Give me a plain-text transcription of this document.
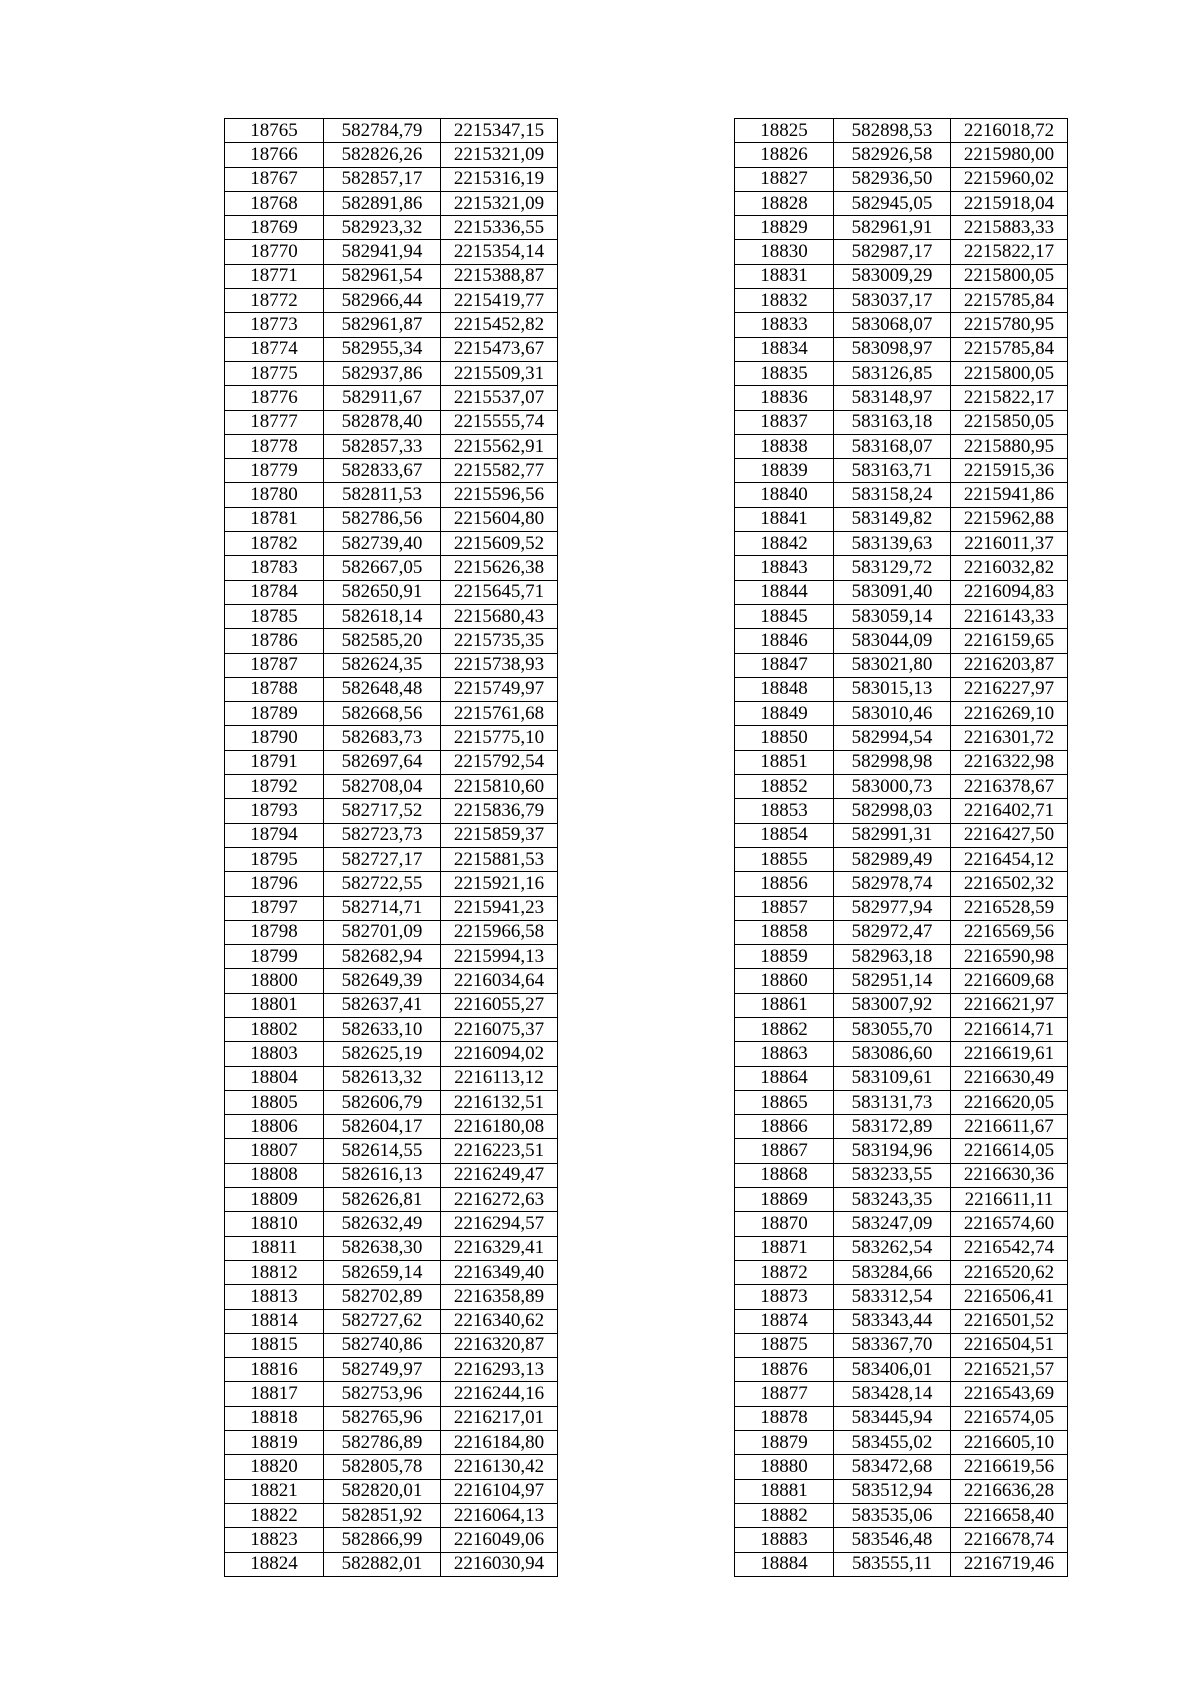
18765	582784,79	2215347,15
18766	582826,26	2215321,09
18767	582857,17	2215316,19
18768	582891,86	2215321,09
18769	582923,32	2215336,55
18770	582941,94	2215354,14
18771	582961,54	2215388,87
18772	582966,44	2215419,77
18773	582961,87	2215452,82
18774	582955,34	2215473,67
18775	582937,86	2215509,31
18776	582911,67	2215537,07
18777	582878,40	2215555,74
18778	582857,33	2215562,91
18779	582833,67	2215582,77
18780	582811,53	2215596,56
18781	582786,56	2215604,80
18782	582739,40	2215609,52
18783	582667,05	2215626,38
18784	582650,91	2215645,71
18785	582618,14	2215680,43
18786	582585,20	2215735,35
18787	582624,35	2215738,93
18788	582648,48	2215749,97
18789	582668,56	2215761,68
18790	582683,73	2215775,10
18791	582697,64	2215792,54
18792	582708,04	2215810,60
18793	582717,52	2215836,79
18794	582723,73	2215859,37
18795	582727,17	2215881,53
18796	582722,55	2215921,16
18797	582714,71	2215941,23
18798	582701,09	2215966,58
18799	582682,94	2215994,13
18800	582649,39	2216034,64
18801	582637,41	2216055,27
18802	582633,10	2216075,37
18803	582625,19	2216094,02
18804	582613,32	2216113,12
18805	582606,79	2216132,51
18806	582604,17	2216180,08
18807	582614,55	2216223,51
18808	582616,13	2216249,47
18809	582626,81	2216272,63
18810	582632,49	2216294,57
18811	582638,30	2216329,41
18812	582659,14	2216349,40
18813	582702,89	2216358,89
18814	582727,62	2216340,62
18815	582740,86	2216320,87
18816	582749,97	2216293,13
18817	582753,96	2216244,16
18818	582765,96	2216217,01
18819	582786,89	2216184,80
18820	582805,78	2216130,42
18821	582820,01	2216104,97
18822	582851,92	2216064,13
18823	582866,99	2216049,06
18824	582882,01	2216030,94
18825	582898,53	2216018,72
18826	582926,58	2215980,00
18827	582936,50	2215960,02
18828	582945,05	2215918,04
18829	582961,91	2215883,33
18830	582987,17	2215822,17
18831	583009,29	2215800,05
18832	583037,17	2215785,84
18833	583068,07	2215780,95
18834	583098,97	2215785,84
18835	583126,85	2215800,05
18836	583148,97	2215822,17
18837	583163,18	2215850,05
18838	583168,07	2215880,95
18839	583163,71	2215915,36
18840	583158,24	2215941,86
18841	583149,82	2215962,88
18842	583139,63	2216011,37
18843	583129,72	2216032,82
18844	583091,40	2216094,83
18845	583059,14	2216143,33
18846	583044,09	2216159,65
18847	583021,80	2216203,87
18848	583015,13	2216227,97
18849	583010,46	2216269,10
18850	582994,54	2216301,72
18851	582998,98	2216322,98
18852	583000,73	2216378,67
18853	582998,03	2216402,71
18854	582991,31	2216427,50
18855	582989,49	2216454,12
18856	582978,74	2216502,32
18857	582977,94	2216528,59
18858	582972,47	2216569,56
18859	582963,18	2216590,98
18860	582951,14	2216609,68
18861	583007,92	2216621,97
18862	583055,70	2216614,71
18863	583086,60	2216619,61
18864	583109,61	2216630,49
18865	583131,73	2216620,05
18866	583172,89	2216611,67
18867	583194,96	2216614,05
18868	583233,55	2216630,36
18869	583243,35	2216611,11
18870	583247,09	2216574,60
18871	583262,54	2216542,74
18872	583284,66	2216520,62
18873	583312,54	2216506,41
18874	583343,44	2216501,52
18875	583367,70	2216504,51
18876	583406,01	2216521,57
18877	583428,14	2216543,69
18878	583445,94	2216574,05
18879	583455,02	2216605,10
18880	583472,68	2216619,56
18881	583512,94	2216636,28
18882	583535,06	2216658,40
18883	583546,48	2216678,74
18884	583555,11	2216719,46
